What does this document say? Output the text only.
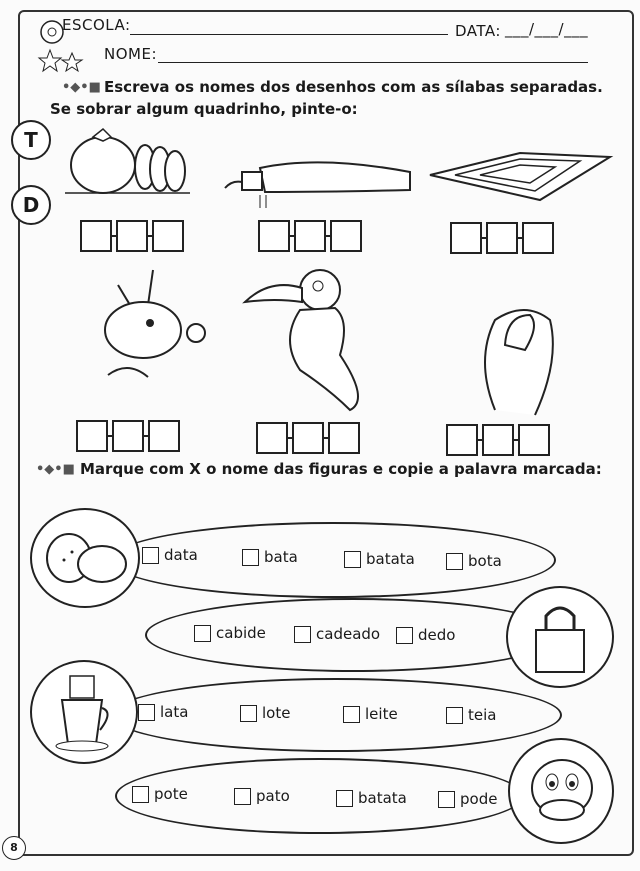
ESCOLA:	DATA: ___/___/___
NOME:
•◆•■ Escreva os nomes dos desenhos com as sílabas separadas.
Se sobrar algum quadrinho, pinte-o:
T
D
•◆•■ Marque com X o nome das figuras e copie a palavra marcada:
data	bata	batata	bota
cabide	cadeado	dedo
lata	lote	leite	teia
pote	pato	batata	pode
8
